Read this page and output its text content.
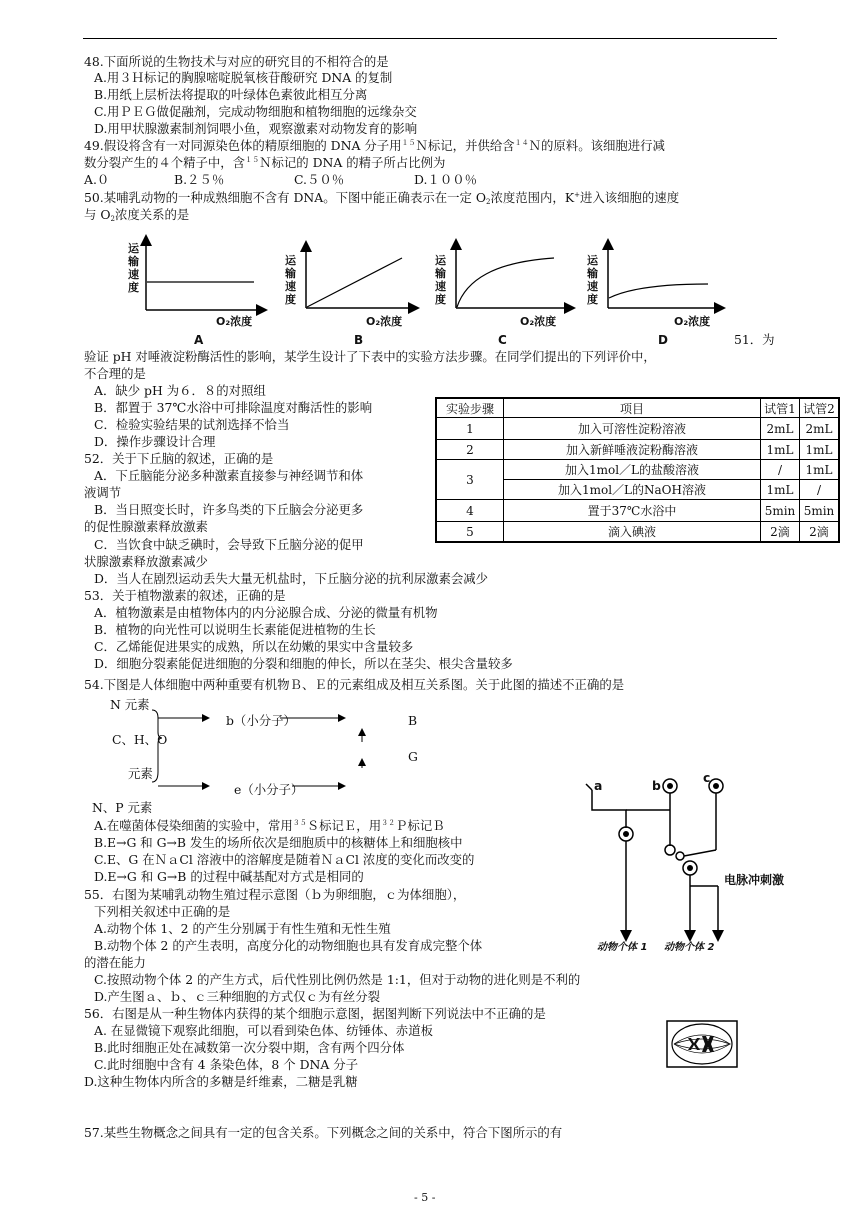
48.下面所说的生物技术与对应的研究目的不相符合的是
A.用３Ｈ标记的胸腺嘧啶脱氧核苷酸研究 DNA 的复制
B.用纸上层析法将提取的叶绿体色素彼此相互分离
C.用ＰＥＧ做促融剂，完成动物细胞和植物细胞的远缘杂交
D.用甲状腺激素制剂饲喂小鱼，观察激素对动物发育的影响
49.假设将含有一对同源染色体的精原细胞的 DNA 分子用$^{15}$Ｎ标记，并供给含$^{14}$Ｎ的原料。该细胞进行减
数分裂产生的４个精子中，含$^{15}$Ｎ标记的 DNA 的精子所占比例为
A.０	B.２５％	C.５０％	D.１００％
50.某哺乳动物的一种成熟细胞不含有 DNA。下图中能正确表示在一定 $O_2$浓度范围内，K+进入该细胞的速度
与 $O_2$浓度关系的是
运
输
速
度
运
输
速
度
运
输
速
度
运
输
速
度
O₂浓度	O₂浓度	O₂浓度	O₂浓度
A	B	C	D	51．为
验证 pH 对唾液淀粉酶活性的影响，某学生设计了下表中的实验方法步骤。在同学们提出的下列评价中，
不合理的是
A．缺少 pH 为６．８的对照组
B．都置于 37℃水浴中可排除温度对酶活性的影响
C．检验实验结果的试剂选择不恰当
D．操作步骤设计合理
实验步骤	项目	试管1	试管2
1	加入可溶性淀粉溶液	2mL	2mL
2	加入新鲜唾液淀粉酶溶液	1mL	1mL
3	加入1mol／L的盐酸溶液	/	1mL
	加入1mol／L的NaOH溶液	1mL	/
4	置于37℃水浴中	5min	5min
5	滴入碘液	2滴	2滴
52．关于下丘脑的叙述，正确的是
A．下丘脑能分泌多种激素直接参与神经调节和体
液调节
B．当日照变长时，许多鸟类的下丘脑会分泌更多
的促性腺激素释放激素
C．当饮食中缺乏碘时，会导致下丘脑分泌的促甲
状腺激素释放激素减少
D．当人在剧烈运动丢失大量无机盐时，下丘脑分泌的抗利尿激素会减少
53．关于植物激素的叙述，正确的是
A．植物激素是由植物体内的内分泌腺合成、分泌的微量有机物
B．植物的向光性可以说明生长素能促进植物的生长
C．乙烯能促进果实的成熟，所以在幼嫩的果实中含量较多
D．细胞分裂素能促进细胞的分裂和细胞的伸长，所以在茎尖、根尖含量较多
54.下图是人体细胞中两种重要有机物Ｂ、Ｅ的元素组成及相互关系图。关于此图的描述不正确的是
N 元素
C、H、O
元素
N、P 元素
b（小分子）
e（小分子）
B
G
A.在噬菌体侵染细菌的实验中，常用$^{35}$Ｓ标记Ｅ，用$^{32}$Ｐ标记Ｂ
B.E→G 和 G→B 发生的场所依次是细胞质中的核糖体上和细胞核中
C.E、G 在ＮａCl 溶液中的溶解度是随着ＮａCl 浓度的变化而改变的
D.E→G 和 G→B 的过程中碱基配对方式是相同的
55．右图为某哺乳动物生殖过程示意图（ｂ为卵细胞，ｃ为体细胞），
下列相关叙述中正确的是
A.动物个体 1、2 的产生分别属于有性生殖和无性生殖
B.动物个体 2 的产生表明，高度分化的动物细胞也具有发育成完整个体
的潜在能力
C.按照动物个体 2 的产生方式，后代性别比例仍然是 1:1，但对于动物的进化则是不利的
D.产生图ａ、ｂ、ｃ三种细胞的方式仅ｃ为有丝分裂
a	b
c
电脉冲刺激
动物个体 1 动物个体 2
56．右图是从一种生物体内获得的某个细胞示意图，据图判断下列说法中不正确的是
A. 在显微镜下观察此细胞，可以看到染色体、纺锤体、赤道板
B.此时细胞正处在减数第一次分裂中期，含有两个四分体
C.此时细胞中含有 4 条染色体，8 个 DNA 分子
D.这种生物体内所含的多糖是纤维素，二糖是乳糖
57.某些生物概念之间具有一定的包含关系。下列概念之间的关系中，符合下图所示的有
- 5 -
